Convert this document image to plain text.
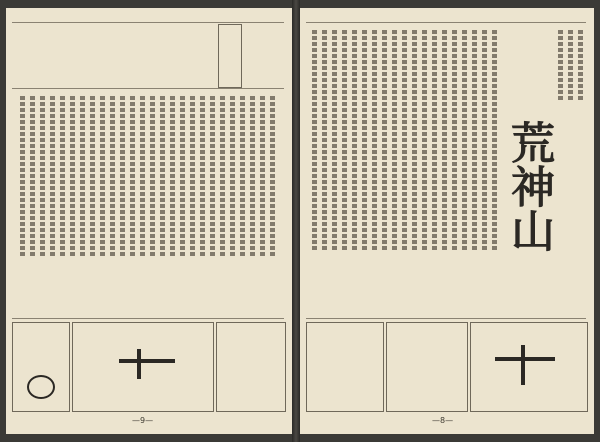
—9—
荒神山
—8—
